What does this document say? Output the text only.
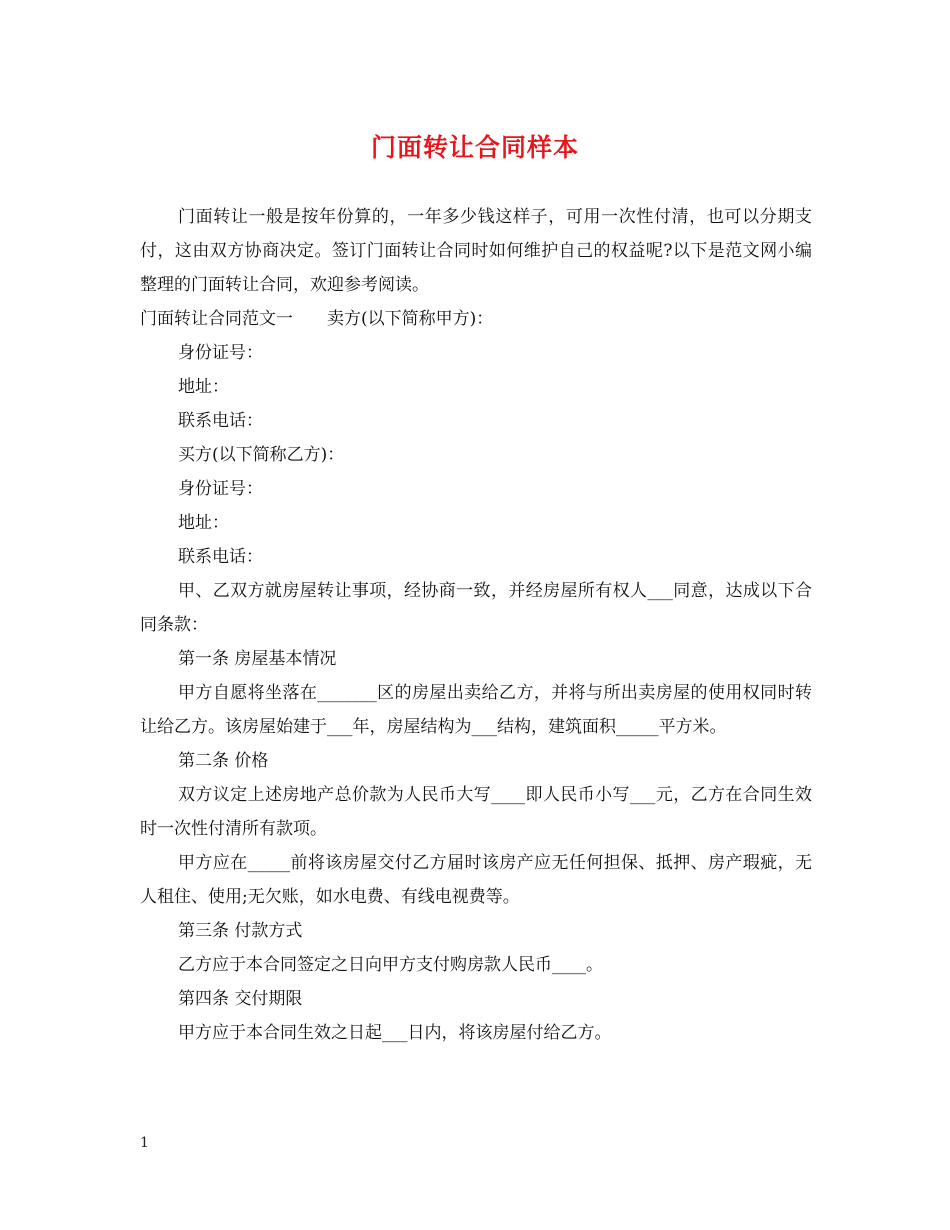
门面转让合同样本

门面转让一般是按年份算的，一年多少钱这样子，可用一次性付清，也可以分期支付，这由双方协商决定。签订门面转让合同时如何维护自己的权益呢?以下是范文网小编整理的门面转让合同，欢迎参考阅读。

门面转让合同范文一　　卖方(以下简称甲方)：

身份证号：

地址：

联系电话：

买方(以下简称乙方)：

身份证号：

地址：

联系电话：

甲、乙双方就房屋转让事项，经协商一致，并经房屋所有权人___同意，达成以下合同条款：

第一条 房屋基本情况

甲方自愿将坐落在_______区的房屋出卖给乙方，并将与所出卖房屋的使用权同时转让给乙方。该房屋始建于___年，房屋结构为___结构，建筑面积_____平方米。

第二条 价格

双方议定上述房地产总价款为人民币大写____即人民币小写___元，乙方在合同生效时一次性付清所有款项。

甲方应在_____前将该房屋交付乙方届时该房产应无任何担保、抵押、房产瑕疵，无人租住、使用;无欠账，如水电费、有线电视费等。

第三条 付款方式

乙方应于本合同签定之日向甲方支付购房款人民币____。

第四条 交付期限

甲方应于本合同生效之日起___日内，将该房屋付给乙方。

1
